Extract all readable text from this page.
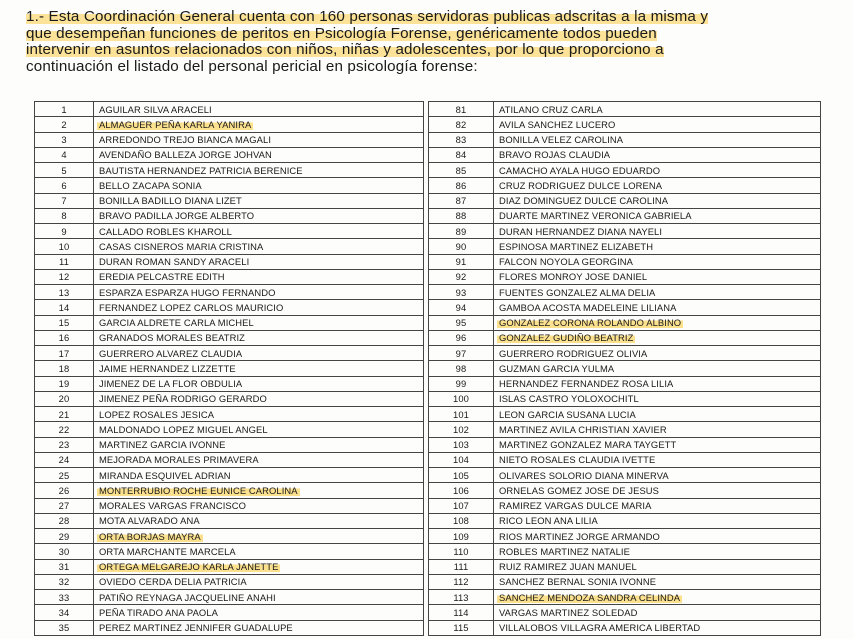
1.- Esta Coordinación General cuenta con 160 personas servidoras publicas adscritas a la misma y

que desempeñan funciones de peritos en Psicología Forense, genéricamente todos pueden

intervenir en asuntos relacionados con niños, niñas y adolescentes, por lo que proporciono a

continuación el listado del personal pericial en psicología forense:

1	AGUILAR SILVA ARACELI
2	ALMAGUER PEÑA KARLA YANIRA
3	ARREDONDO TREJO BIANCA MAGALI
4	AVENDAÑO BALLEZA JORGE JOHVAN
5	BAUTISTA HERNANDEZ PATRICIA BERENICE
6	BELLO ZACAPA SONIA
7	BONILLA BADILLO DIANA LIZET
8	BRAVO PADILLA JORGE ALBERTO
9	CALLADO ROBLES KHAROLL
10	CASAS CISNEROS MARIA CRISTINA
11	DURAN ROMAN SANDY ARACELI
12	EREDIA PELCASTRE EDITH
13	ESPARZA ESPARZA HUGO FERNANDO
14	FERNANDEZ LOPEZ CARLOS MAURICIO
15	GARCIA ALDRETE CARLA MICHEL
16	GRANADOS MORALES BEATRIZ
17	GUERRERO ALVAREZ CLAUDIA
18	JAIME HERNANDEZ LIZZETTE
19	JIMENEZ DE LA FLOR OBDULIA
20	JIMENEZ PEÑA RODRIGO GERARDO
21	LOPEZ ROSALES JESICA
22	MALDONADO LOPEZ MIGUEL ANGEL
23	MARTINEZ GARCIA IVONNE
24	MEJORADA MORALES PRIMAVERA
25	MIRANDA ESQUIVEL ADRIAN
26	MONTERRUBIO ROCHE EUNICE CAROLINA
27	MORALES VARGAS FRANCISCO
28	MOTA ALVARADO ANA
29	ORTA BORJAS MAYRA
30	ORTA MARCHANTE MARCELA
31	ORTEGA MELGAREJO KARLA JANETTE
32	OVIEDO CERDA DELIA PATRICIA
33	PATIÑO REYNAGA JACQUELINE ANAHI
34	PEÑA TIRADO ANA PAOLA
35	PEREZ MARTINEZ JENNIFER GUADALUPE
81	ATILANO CRUZ CARLA
82	AVILA SANCHEZ LUCERO
83	BONILLA VELEZ CAROLINA
84	BRAVO ROJAS CLAUDIA
85	CAMACHO AYALA HUGO EDUARDO
86	CRUZ RODRIGUEZ DULCE LORENA
87	DIAZ DOMINGUEZ DULCE CAROLINA
88	DUARTE MARTINEZ VERONICA GABRIELA
89	DURAN HERNANDEZ DIANA NAYELI
90	ESPINOSA MARTINEZ ELIZABETH
91	FALCON NOYOLA GEORGINA
92	FLORES MONROY JOSE DANIEL
93	FUENTES GONZALEZ ALMA DELIA
94	GAMBOA ACOSTA MADELEINE LILIANA
95	GONZALEZ CORONA ROLANDO ALBINO
96	GONZALEZ GUDIÑO BEATRIZ
97	GUERRERO RODRIGUEZ OLIVIA
98	GUZMAN GARCIA YULMA
99	HERNANDEZ FERNANDEZ ROSA LILIA
100	ISLAS CASTRO YOLOXOCHITL
101	LEON GARCIA SUSANA LUCIA
102	MARTINEZ AVILA CHRISTIAN XAVIER
103	MARTINEZ GONZALEZ MARA TAYGETT
104	NIETO ROSALES CLAUDIA IVETTE
105	OLIVARES SOLORIO DIANA MINERVA
106	ORNELAS GOMEZ JOSE DE JESUS
107	RAMIREZ VARGAS DULCE MARIA
108	RICO LEON ANA LILIA
109	RIOS MARTINEZ JORGE ARMANDO
110	ROBLES MARTINEZ NATALIE
111	RUIZ RAMIREZ JUAN MANUEL
112	SANCHEZ BERNAL SONIA IVONNE
113	SANCHEZ MENDOZA SANDRA CELINDA
114	VARGAS MARTINEZ SOLEDAD
115	VILLALOBOS VILLAGRA AMERICA LIBERTAD
